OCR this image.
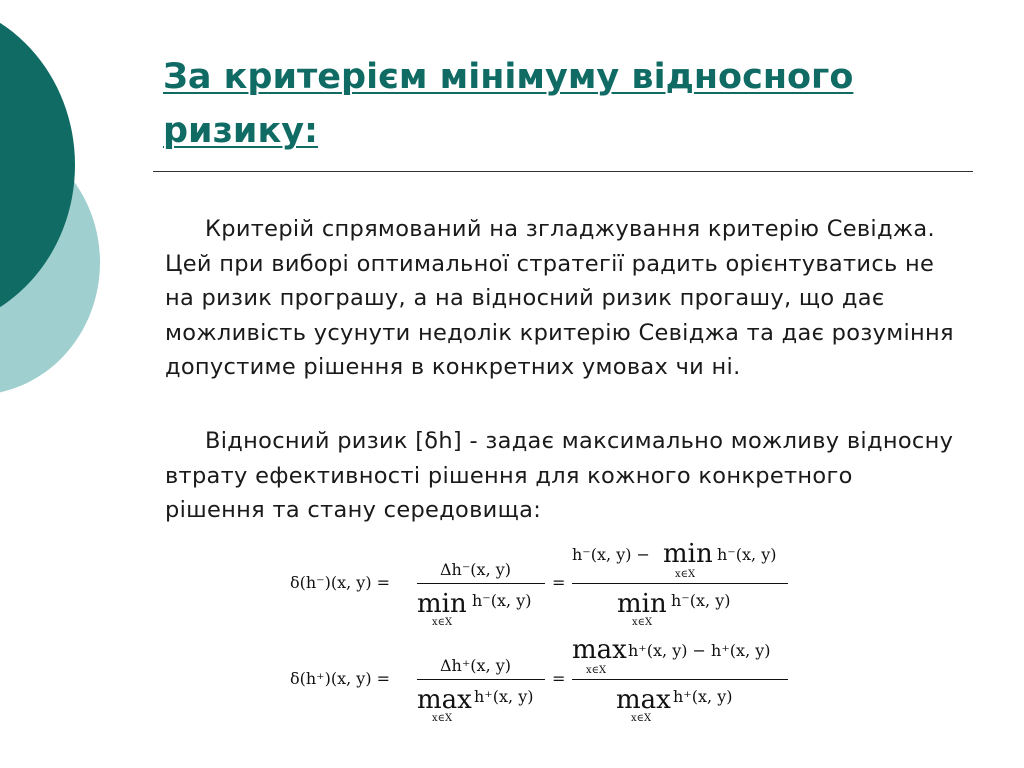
За критерієм мінімуму відносного ризику:

Критерій спрямований на згладжування критерію Севіджа. Цей при виборі оптимальної стратегії радить орієнтуватись не на ризик програшу, а на відносний ризик прогашу, що дає можливість усунути недолік критерію Севіджа та дає розуміння допустиме рішення в конкретних умовах чи ні.

Відносний ризик [δh] - задає максимально можливу відносну втрату ефективності рішення для кожного конкретного рішення та стану середовища:

δ(h⁻)(x, y) =
Δh⁻(x, y)
min h⁻(x, y)
x∈X
=
h⁻(x, y) − min h⁻(x, y)
x∈X
min h⁻(x, y)
x∈X
δ(h⁺)(x, y) =
Δh⁺(x, y)
max h⁺(x, y)
x∈X
=
max h⁺(x, y) − h⁺(x, y)
x∈X
max h⁺(x, y)
x∈X
